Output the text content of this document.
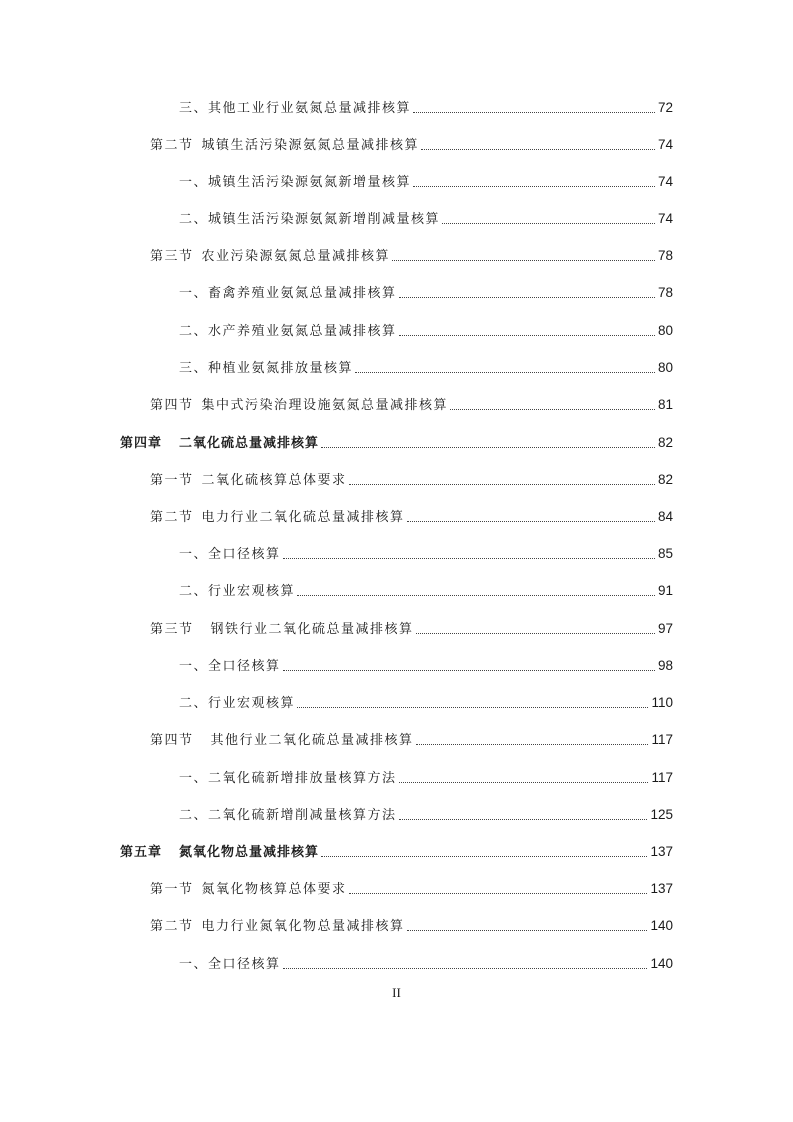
三、 其他工业行业氨氮总量减排核算	72
第二节 城镇生活污染源氨氮总量减排核算	74
一、 城镇生活污染源氨氮新增量核算	74
二、 城镇生活污染源氨氮新增削减量核算	74
第三节 农业污染源氨氮总量减排核算	78
一、 畜禽养殖业氨氮总量减排核算	78
二、 水产养殖业氨氮总量减排核算	80
三、 种植业氨氮排放量核算	80
第四节 集中式污染治理设施氨氮总量减排核算	81
第四章 二氧化硫总量减排核算	82
第一节 二氧化硫核算总体要求	82
第二节 电力行业二氧化硫总量减排核算	84
一、 全口径核算	85
二、 行业宏观核算	91
第三节 钢铁行业二氧化硫总量减排核算	97
一、 全口径核算	98
二、 行业宏观核算	110
第四节 其他行业二氧化硫总量减排核算	117
一、 二氧化硫新增排放量核算方法	117
二、 二氧化硫新增削减量核算方法	125
第五章 氮氧化物总量减排核算	137
第一节 氮氧化物核算总体要求	137
第二节 电力行业氮氧化物总量减排核算	140
一、 全口径核算	140
II
